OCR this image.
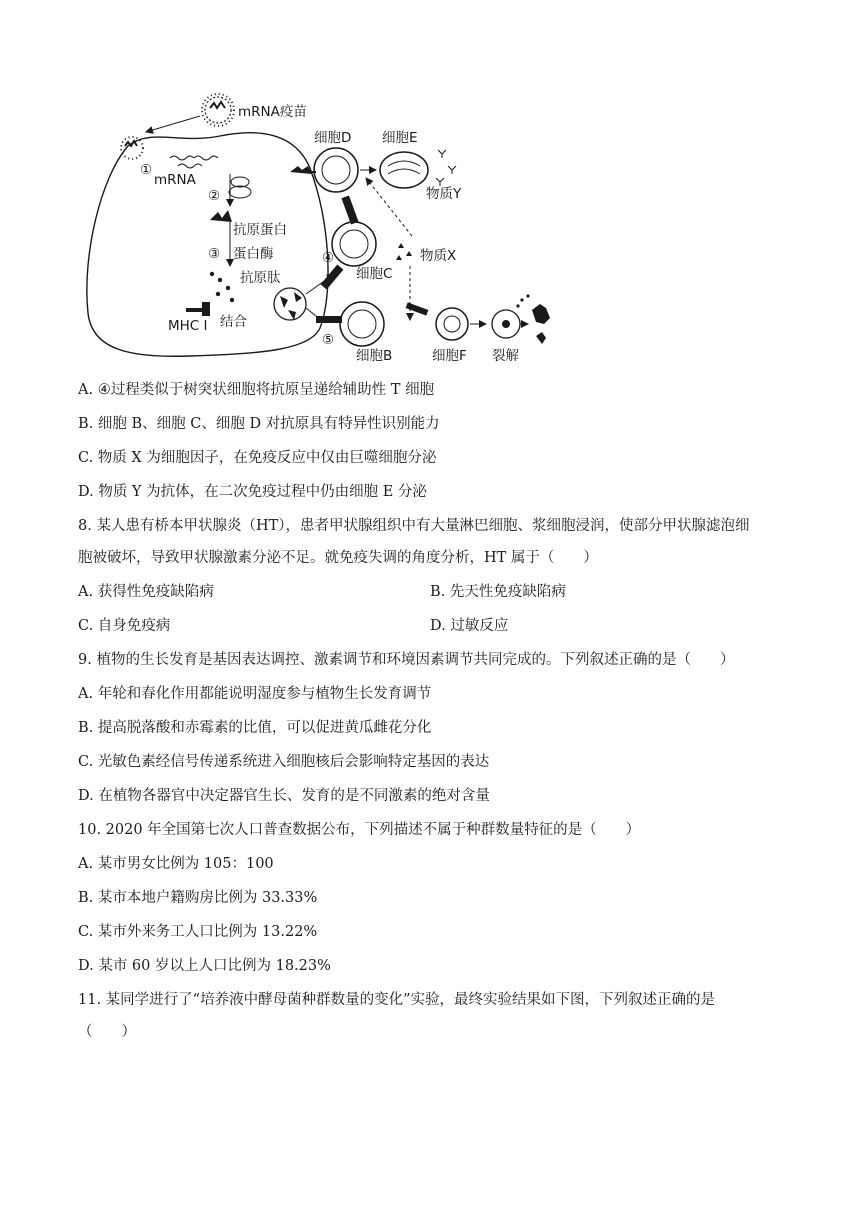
mRNA疫苗
①
mRNA
②
抗原蛋白
③ 蛋白酶
抗原肽
MHC Ⅰ 结合
细胞D 细胞E
物质Y
细胞C
④	物质X
⑤
细胞B	细胞F 裂解
A. ④过程类似于树突状细胞将抗原呈递给辅助性 T 细胞
B. 细胞 B、细胞 C、细胞 D 对抗原具有特异性识别能力
C. 物质 X 为细胞因子，在免疫反应中仅由巨噬细胞分泌
D. 物质 Y 为抗体，在二次免疫过程中仍由细胞 E 分泌
8. 某人患有桥本甲状腺炎（HT），患者甲状腺组织中有大量淋巴细胞、浆细胞浸润，使部分甲状腺滤泡细
胞被破坏，导致甲状腺激素分泌不足。就免疫失调的角度分析，HT 属于（　　）
A. 获得性免疫缺陷病	B. 先天性免疫缺陷病
C. 自身免疫病	D. 过敏反应
9. 植物的生长发育是基因表达调控、激素调节和环境因素调节共同完成的。下列叙述正确的是（　　）
A. 年轮和春化作用都能说明湿度参与植物生长发育调节
B. 提高脱落酸和赤霉素的比值，可以促进黄瓜雌花分化
C. 光敏色素经信号传递系统进入细胞核后会影响特定基因的表达
D. 在植物各器官中决定器官生长、发育的是不同激素的绝对含量
10. 2020 年全国第七次人口普查数据公布，下列描述不属于种群数量特征的是（　　）
A. 某市男女比例为 105：100
B. 某市本地户籍购房比例为 33.33%
C. 某市外来务工人口比例为 13.22%
D. 某市 60 岁以上人口比例为 18.23%
11. 某同学进行了“培养液中酵母菌种群数量的变化”实验，最终实验结果如下图，下列叙述正确的是
（　　）
